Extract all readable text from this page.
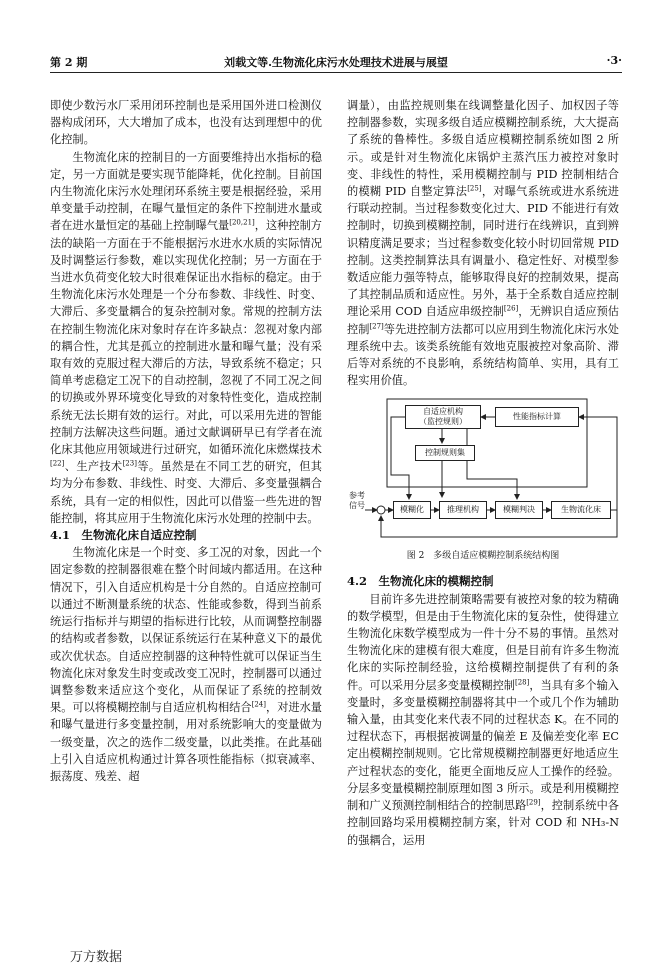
第 2 期	刘载文等.生物流化床污水处理技术进展与展望	·3·

即使少数污水厂采用闭环控制也是采用国外进口检测仪器构成闭环，大大增加了成本，也没有达到理想中的优化控制。

生物流化床的控制目的一方面要维持出水指标的稳定，另一方面就是要实现节能降耗，优化控制。目前国内生物流化床污水处理闭环系统主要是根据经验，采用单变量手动控制，在曝气量恒定的条件下控制进水量或者在进水量恒定的基础上控制曝气量[20,21]，这种控制方法的缺陷一方面在于不能根据污水进水水质的实际情况及时调整运行参数，难以实现优化控制；另一方面在于当进水负荷变化较大时很难保证出水指标的稳定。由于生物流化床污水处理是一个分布参数、非线性、时变、大滞后、多变量耦合的复杂控制对象。常规的控制方法在控制生物流化床对象时存在许多缺点：忽视对象内部的耦合性，尤其是孤立的控制进水量和曝气量；没有采取有效的克服过程大滞后的方法，导致系统不稳定；只简单考虑稳定工况下的自动控制，忽视了不同工况之间的切换或外界环境变化导致的对象特性变化，造成控制系统无法长期有效的运行。对此，可以采用先进的智能控制方法解决这些问题。通过文献调研早已有学者在流化床其他应用领域进行过研究，如循环流化床燃煤技术[22]、生产技术[23]等。虽然是在不同工艺的研究，但其均为分布参数、非线性、时变、大滞后、多变量强耦合系统，具有一定的相似性，因此可以借鉴一些先进的智能控制，将其应用于生物流化床污水处理的控制中去。

4.1　生物流化床自适应控制

生物流化床是一个时变、多工况的对象，因此一个固定参数的控制器很难在整个时间域内都适用。在这种情况下，引入自适应机构是十分自然的。自适应控制可以通过不断测量系统的状态、性能或参数，得到当前系统运行指标并与期望的指标进行比较，从而调整控制器的结构或者参数，以保证系统运行在某种意义下的最优或次优状态。自适应控制器的这种特性就可以保证当生物流化床对象发生时变或改变工况时，控制器可以通过调整参数来适应这个变化，从而保证了系统的控制效果。可以将模糊控制与自适应机构相结合[24]，对进水量和曝气量进行多变量控制，用对系统影响大的变量做为一级变量，次之的选作二级变量，以此类推。在此基础上引入自适应机构通过计算各项性能指标（拟衰减率、振荡度、残差、超

调量），由监控规则集在线调整量化因子、加权因子等控制器参数，实现多级自适应模糊控制系统，大大提高了系统的鲁棒性。多级自适应模糊控制系统如图 2 所示。或是针对生物流化床锅炉主蒸汽压力被控对象时变、非线性的特性，采用模糊控制与 PID 控制相结合的模糊 PID 自整定算法[25]，对曝气系统或进水系统进行联动控制。当过程参数变化过大、PID 不能进行有效控制时，切换到模糊控制，同时进行在线辨识，直到辨识精度满足要求；当过程参数变化较小时切回常规 PID 控制。这类控制算法具有调量小、稳定性好、对模型参数适应能力强等特点，能够取得良好的控制效果，提高了其控制品质和适应性。另外，基于全系数自适应控制理论采用 COD 自适应串级控制[26]，无辨识自适应预估控制[27]等先进控制方法都可以应用到生物流化床污水处理系统中去。该类系统能有效地克服被控对象高阶、滞后等对系统的不良影响，系统结构简单、实用，具有工程实用价值。

自适应机构
（监控规则）
性能指标计算
控制规则集
参考
信号	模糊化	推理机构	模糊判决	生物流化床
图 2　多级自适应模糊控制系统结构图
4.2　生物流化床的模糊控制

目前许多先进控制策略需要有被控对象的较为精确的数学模型，但是由于生物流化床的复杂性，使得建立生物流化床数学模型成为一件十分不易的事情。虽然对生物流化床的建模有很大难度，但是目前有许多生物流化床的实际控制经验，这给模糊控制提供了有利的条件。可以采用分层多变量模糊控制[28]，当具有多个输入变量时，多变量模糊控制器将其中一个或几个作为辅助输入量，由其变化来代表不同的过程状态 K。在不同的过程状态下，再根据被调量的偏差 E 及偏差变化率 EC 定出模糊控制规则。它比常规模糊控制器更好地适应生产过程状态的变化，能更全面地反应人工操作的经验。分层多变量模糊控制原理如图 3 所示。或是利用模糊控制和广义预测控制相结合的控制思路[29]，控制系统中各控制回路均采用模糊控制方案，针对 COD 和 NH₃-N 的强耦合，运用

万方数据
